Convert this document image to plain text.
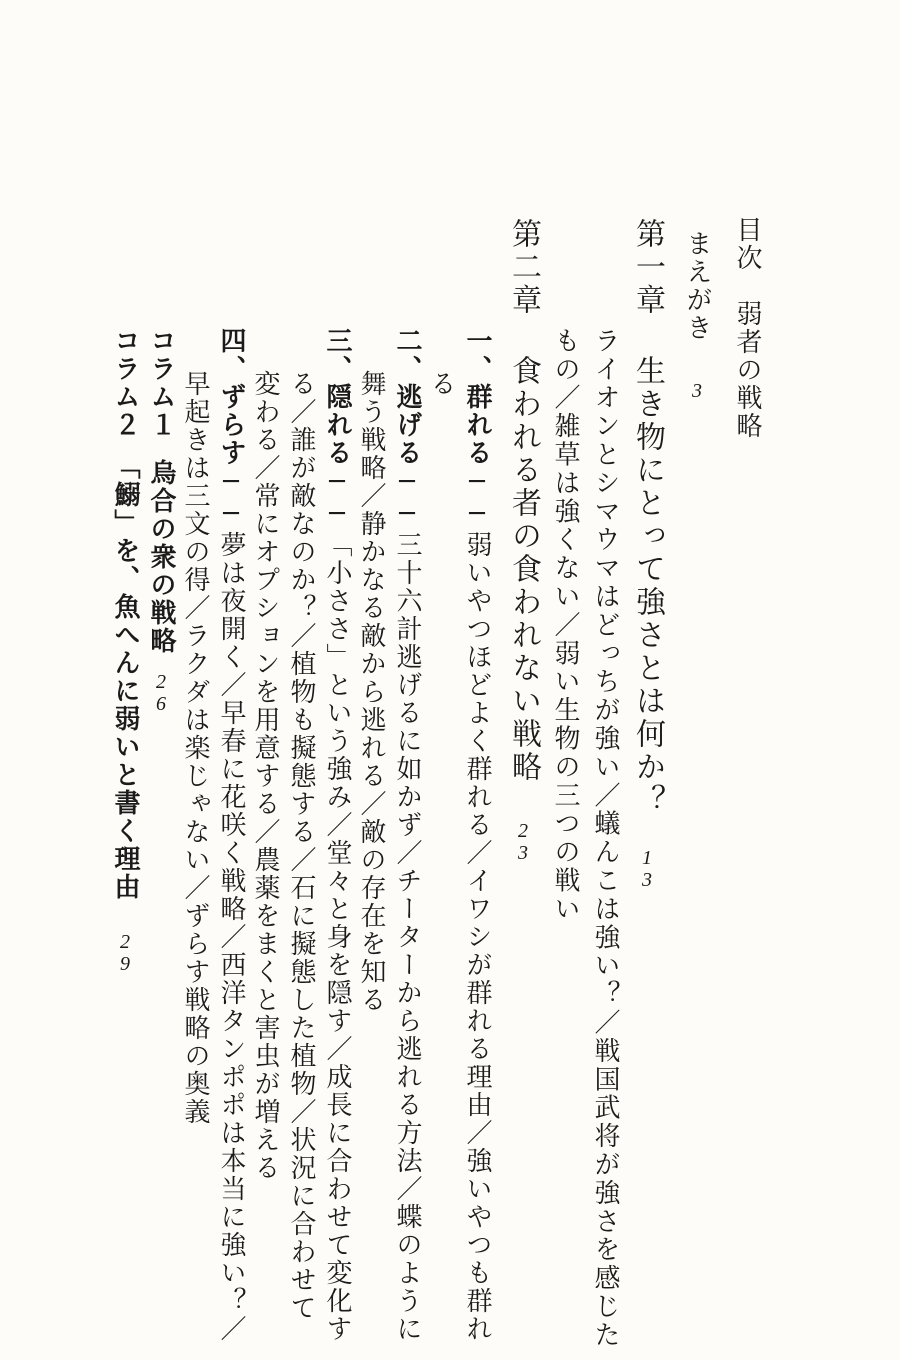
目次　弱者の戦略
まえがき3
第一章生き物にとって強さとは何か？13
ライオンとシマウマはどっちが強い／蟻んこは強い？／戦国武将が強さを感じた
もの／雑草は強くない／弱い生物の三つの戦い
第二章食われる者の食われない戦略23
一、群れる──弱いやつほどよく群れる／イワシが群れる理由／強いやつも群れ
る
二、逃げる──三十六計逃げるに如かず／チーターから逃れる方法／蝶のように
舞う戦略／静かなる敵から逃れる／敵の存在を知る
三、隠れる──「小ささ」という強み／堂々と身を隠す／成長に合わせて変化す
る／誰が敵なのか？／植物も擬態する／石に擬態した植物／状況に合わせて
変わる／常にオプションを用意する／農薬をまくと害虫が増える
四、ずらす──夢は夜開く／早春に花咲く戦略／西洋タンポポは本当に強い？／
早起きは三文の得／ラクダは楽じゃない／ずらす戦略の奥義
コラム１烏合の衆の戦略26
コラム２「鰯」を、魚へんに弱いと書く理由29
